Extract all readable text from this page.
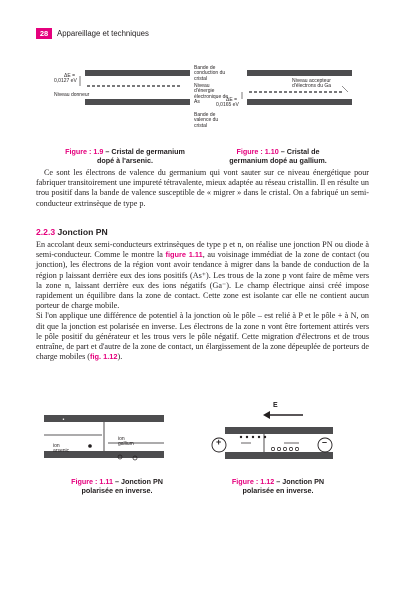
28	Appareillage et techniques
ΔE =
0,0127 eV
Niveau donneur
Bande de
conduction du
cristal
Niveau
d'énergie
électronique de
As
Bande de
valence du
cristal
ΔE =
0,0165 eV
Niveau accepteur
d'électrons du Ga
Figure : 1.9 – Cristal de germanium
dopé à l'arsenic.
Figure : 1.10 – Cristal de
germanium dopé au gallium.

Ce sont les électrons de valence du germanium qui vont sauter sur ce niveau énergétique pour fabriquer transitoirement une impureté tétravalente, mieux adaptée au réseau cristallin. Il en résulte un trou positif dans la bande de valence susceptible de « migrer » dans le cristal. On a fabriqué un semi-conducteur extrinsèque de type p.

2.2.3 Jonction PN

En accolant deux semi-conducteurs extrinsèques de type p et n, on réalise une jonction PN ou diode à semi-conducteur. Comme le montre la figure 1.11, au voisinage immédiat de la zone de contact (ou jonction), les électrons de la région vont avoir tendance à migrer dans la bande de conduction de la région p laissant derrière eux des ions positifs (As⁺). Les trous de la zone p vont faire de même vers la zone n, laissant derrière eux des ions négatifs (Ga⁻). Le champ électrique ainsi créé impose rapidement un équilibre dans la zone de contact. Cette zone est isolante car elle ne contient aucun porteur de charge mobile.

Si l'on applique une différence de potentiel à la jonction où le pôle – est relié à P et le pôle + à N, on dit que la jonction est polarisée en inverse. Les électrons de la zone n vont être fortement attirés vers le pôle positif du générateur et les trous vers le pôle négatif. Cette migration d'électrons et de trous entraîne, de part et d'autre de la zone de contact, un élargissement de la zone dépeuplée de porteurs de charge mobiles (fig. 1.12).

•
ion
arsenic
ion
gallium
E
+	–
Figure : 1.11 – Jonction PN
polarisée en inverse.
Figure : 1.12 – Jonction PN
polarisée en inverse.
